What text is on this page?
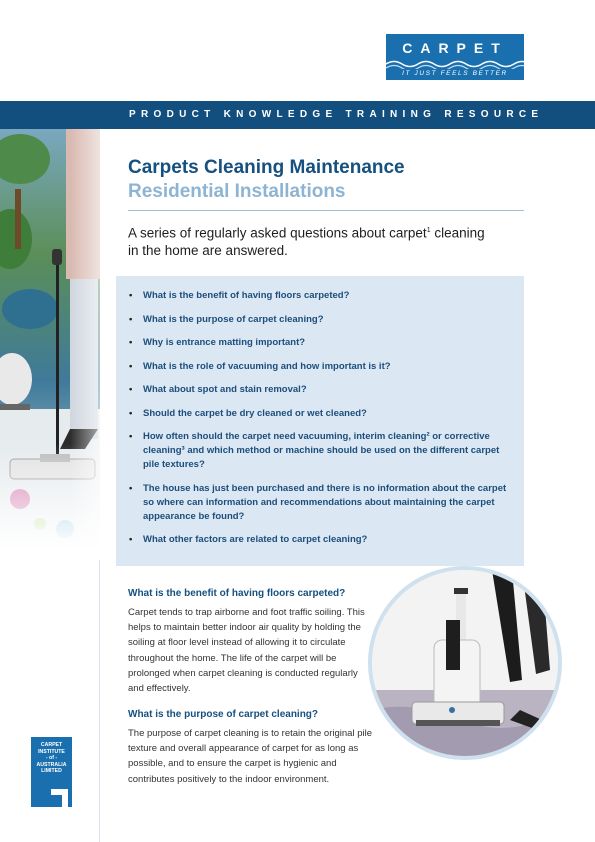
CARPET
IT JUST FEELS BETTER
PRODUCT KNOWLEDGE TRAINING RESOURCE
Carpets Cleaning Maintenance
Residential Installations
A series of regularly asked questions about carpet$^1$ cleaning in the home are answered.
• What is the benefit of having floors carpeted?
• What is the purpose of carpet cleaning?
• Why is entrance matting important?
• What is the role of vacuuming and how important is it?
• What about spot and stain removal?
• Should the carpet be dry cleaned or wet cleaned?
• How often should the carpet need vacuuming, interim cleaning² or corrective cleaning³ and which method or machine should be used on the different carpet pile textures?
• The house has just been purchased and there is no information about the carpet so where can information and recommendations about maintaining the carpet appearance be found?
• What other factors are related to carpet cleaning?
What is the benefit of having floors carpeted?
Carpet tends to trap airborne and foot traffic soiling. This helps to maintain better indoor air quality by holding the soiling at floor level instead of allowing it to circulate throughout the home. The life of the carpet will be prolonged when carpet cleaning is conducted regularly and effectively.
What is the purpose of carpet cleaning?
The purpose of carpet cleaning is to retain the original pile texture and overall appearance of carpet for as long as possible, and to ensure the carpet is hygienic and contributes positively to the indoor environment.
CARPET
INSTITUTE
- of -
AUSTRALIA
LIMITED
